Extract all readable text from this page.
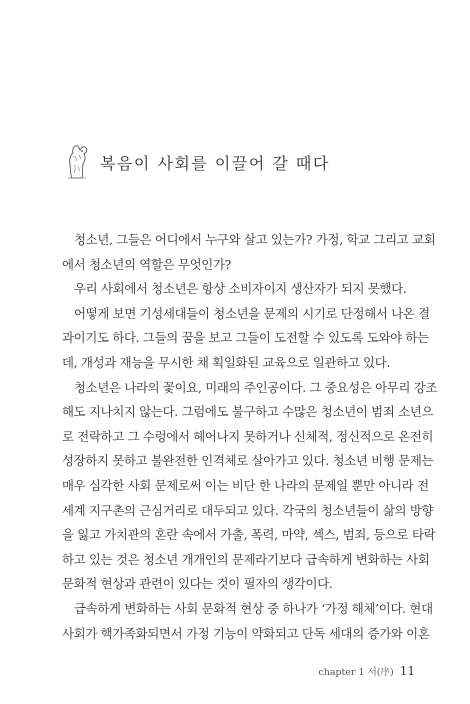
복음이 사회를 이끌어 갈 때다
청소년, 그들은 어디에서 누구와 살고 있는가? 가정, 학교 그리고 교회
에서 청소년의 역할은 무엇인가?
우리 사회에서 청소년은 항상 소비자이지 생산자가 되지 못했다.
어떻게 보면 기성세대들이 청소년을 문제의 시기로 단정해서 나온 결
과이기도 하다. 그들의 꿈을 보고 그들이 도전할 수 있도록 도와야 하는
데, 개성과 재능을 무시한 채 획일화된 교육으로 일관하고 있다.
청소년은 나라의 꽃이요, 미래의 주인공이다. 그 중요성은 아무리 강조
해도 지나치지 않는다. 그럼에도 불구하고 수많은 청소년이 범죄 소년으
로 전락하고 그 수렁에서 헤어나지 못하거나 신체적, 정신적으로 온전히
성장하지 못하고 불완전한 인격체로 살아가고 있다. 청소년 비행 문제는
매우 심각한 사회 문제로써 이는 비단 한 나라의 문제일 뿐만 아니라 전
세계 지구촌의 근심거리로 대두되고 있다. 각국의 청소년들이 삶의 방향
을 잃고 가치관의 혼란 속에서 가출, 폭력, 마약, 섹스, 범죄, 등으로 타락
하고 있는 것은 청소년 개개인의 문제라기보다 급속하게 변화하는 사회
문화적 현상과 관련이 있다는 것이 필자의 생각이다.
급속하게 변화하는 사회 문화적 현상 중 하나가 ‘가정 해체’이다. 현대
사회가 핵가족화되면서 가정 기능이 약화되고 단독 세대의 증가와 이혼
chapter 1 서(序) 11
